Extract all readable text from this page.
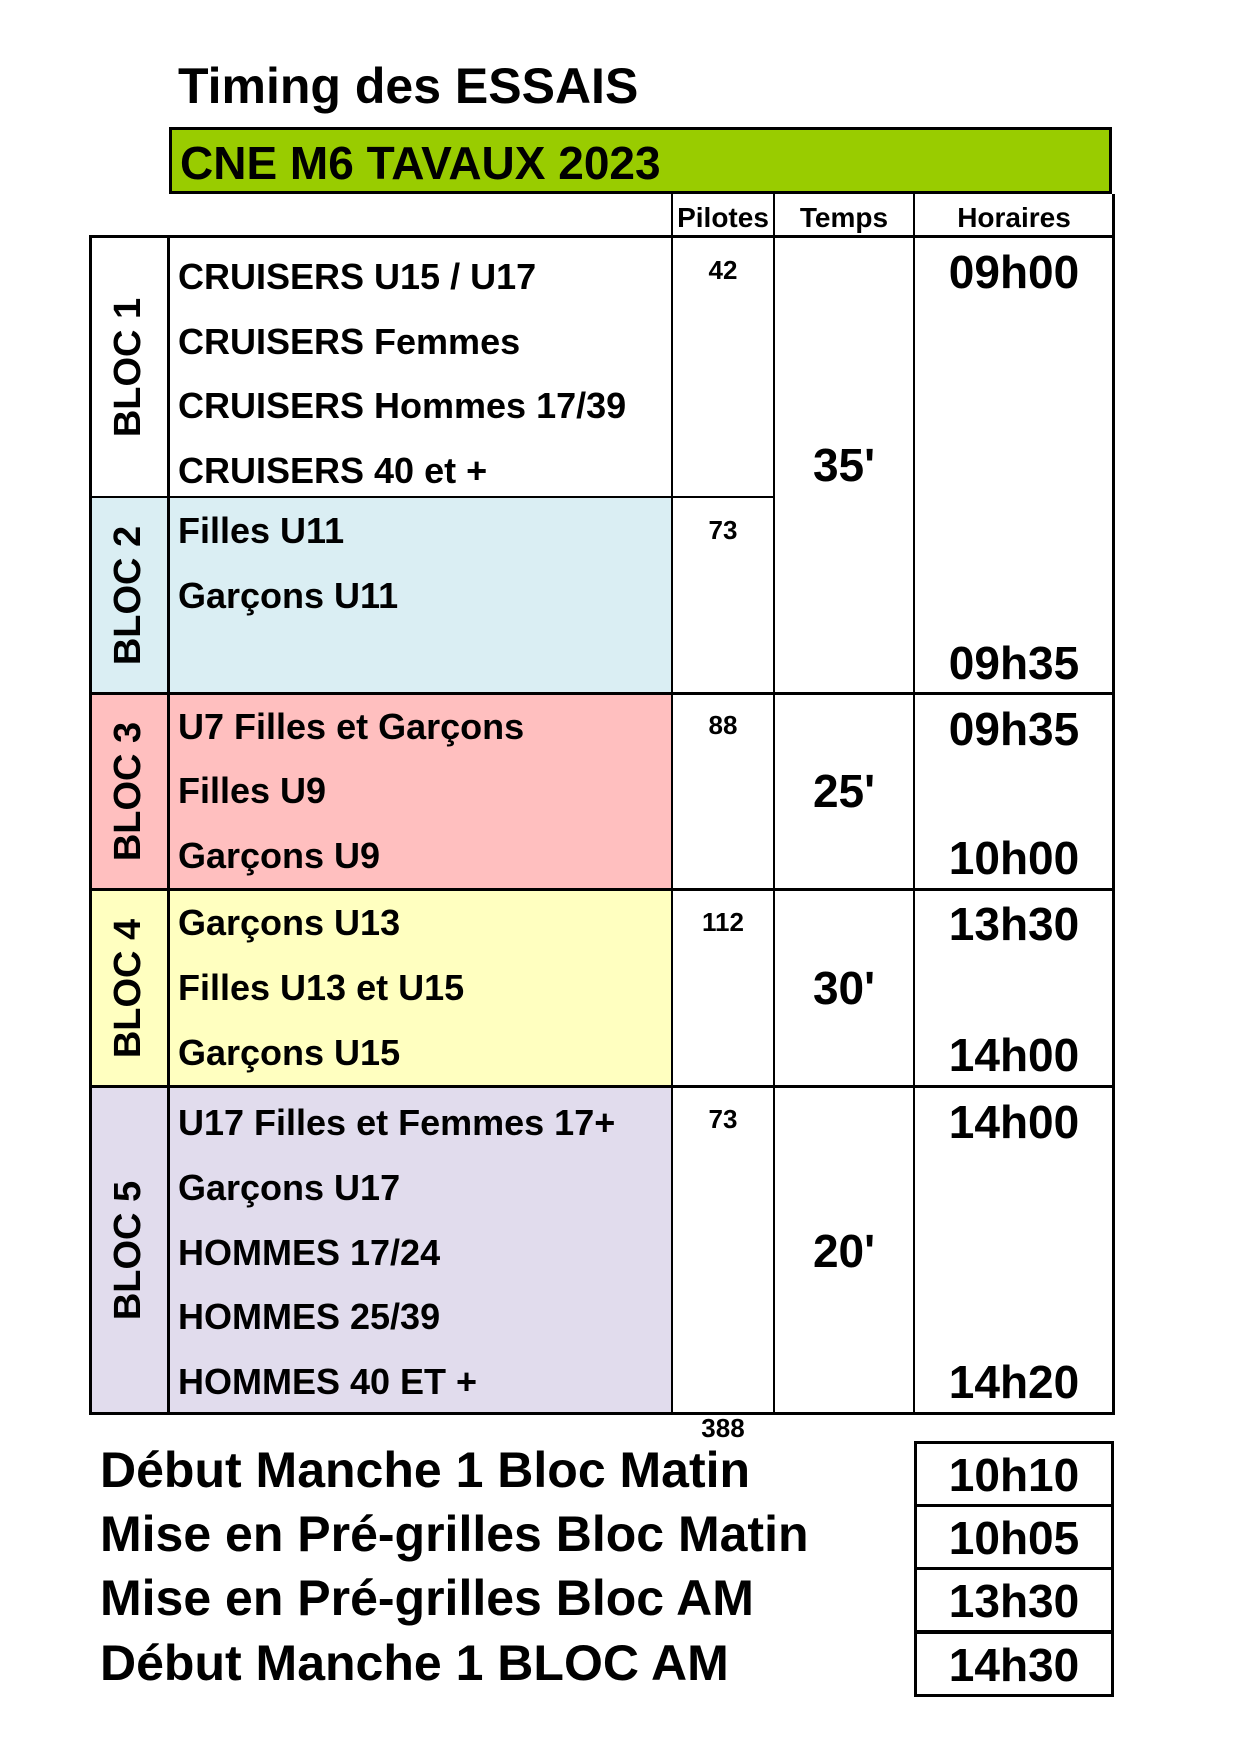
Timing des ESSAIS
CNE M6 TAVAUX 2023
Pilotes	Temps	Horaires
BLOC 1
BLOC 2
BLOC 3
BLOC 4
BLOC 5
CRUISERS U15 / U17
CRUISERS Femmes
CRUISERS Hommes 17/39
CRUISERS 40 et +
Filles U11
Garçons U11
U7 Filles et Garçons
Filles U9
Garçons U9
Garçons U13
Filles U13 et U15
Garçons U15
U17 Filles et Femmes 17+
Garçons U17
HOMMES 17/24
HOMMES 25/39
HOMMES 40 ET +
42
73
88
112
73
388
35'
25'
30'
20'
09h00
09h35
09h35
10h00
13h30
14h00
14h00
14h20
Début Manche 1 Bloc Matin
Mise en Pré-grilles Bloc Matin
Mise en Pré-grilles Bloc AM
Début Manche 1 BLOC AM
10h10
10h05
13h30
14h30
